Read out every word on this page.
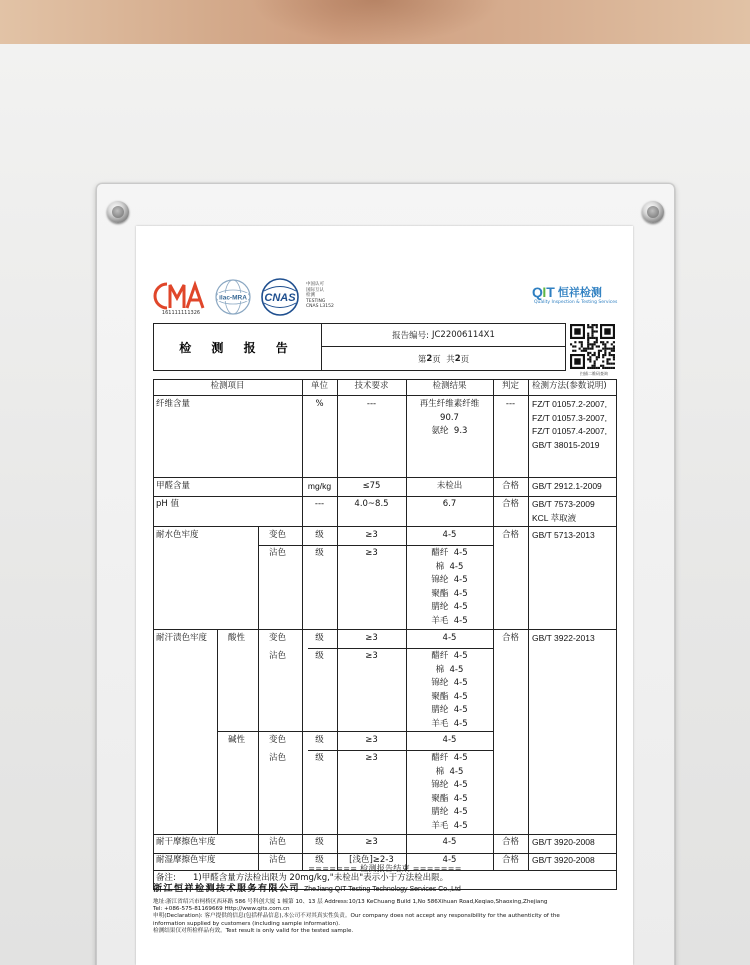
161111111326
ilac-MRA CNAS
中国认可
国际互认
检测
TESTING
CNAS L3152
Q I T 恒祥检测
Quality Inspection & Testing Services
检 测 报 告
报告编号: JC22006114X1
第 2 页  共 2 页
扫描二维码查询
检测项目	单位	技术要求	检测结果	判定	检测方法(参数说明)
纤维含量	%	---	再生纤维素纤维
90.7
氨纶  9.3
---	FZ/T 01057.2-2007,
FZ/T 01057.3-2007,
FZ/T 01057.4-2007,
GB/T 38015-2019
甲醛含量	mg/kg	≤75	未检出	合格	GB/T 2912.1-2009
pH 值	---	4.0~8.5	6.7	合格	GB/T 7573-2009
KCL 萃取液
耐水色牢度	变色	级	≥3	4-5	合格	GB/T 5713-2013
沾色	级	≥3	醋纤  4-5
棉  4-5
锦纶  4-5
聚酯  4-5
腈纶  4-5
羊毛  4-5
耐汗渍色牢度 酸性	变色	级	≥3	4-5	合格	GB/T 3922-2013
沾色	级	≥3	醋纤  4-5
棉  4-5
锦纶  4-5
聚酯  4-5
腈纶  4-5
羊毛  4-5
碱性	变色	级	≥3	4-5
沾色	级	≥3	醋纤  4-5
棉  4-5
锦纶  4-5
聚酯  4-5
腈纶  4-5
羊毛  4-5
耐干摩擦色牢度	沾色	级	≥3	4-5	合格	GB/T 3920-2008
耐湿摩擦色牢度	沾色	级	[浅色]≥2-3	4-5	合格	GB/T 3920-2008
备注: 1)甲醛含量方法检出限为 20mg/kg,"未检出"表示小于方法检出限。
======= 检测报告结束 =======
浙江恒祥检测技术服务有限公司 ZheJiang QIT Testing Technology Services Co.,Ltd
地址:浙江省绍兴市柯桥区西环路 586 号科创大厦 1 幢第 10、13 层 Address:10/13 KeChuang Build 1,No 586Xihuan Road,Keqiao,Shaoxing,Zhejiang
Tel: +086-575-81169669 Http://www.qits.com.cn
申明(Declaration): 客户提供的信息(包括样品信息),本公司不对其真实性负责。Our company does not accept any responsibility for the authenticity of the
information supplied by customers (including sample information).
检测结果仅对所检样品有效。Test result is only valid for the tested sample.
